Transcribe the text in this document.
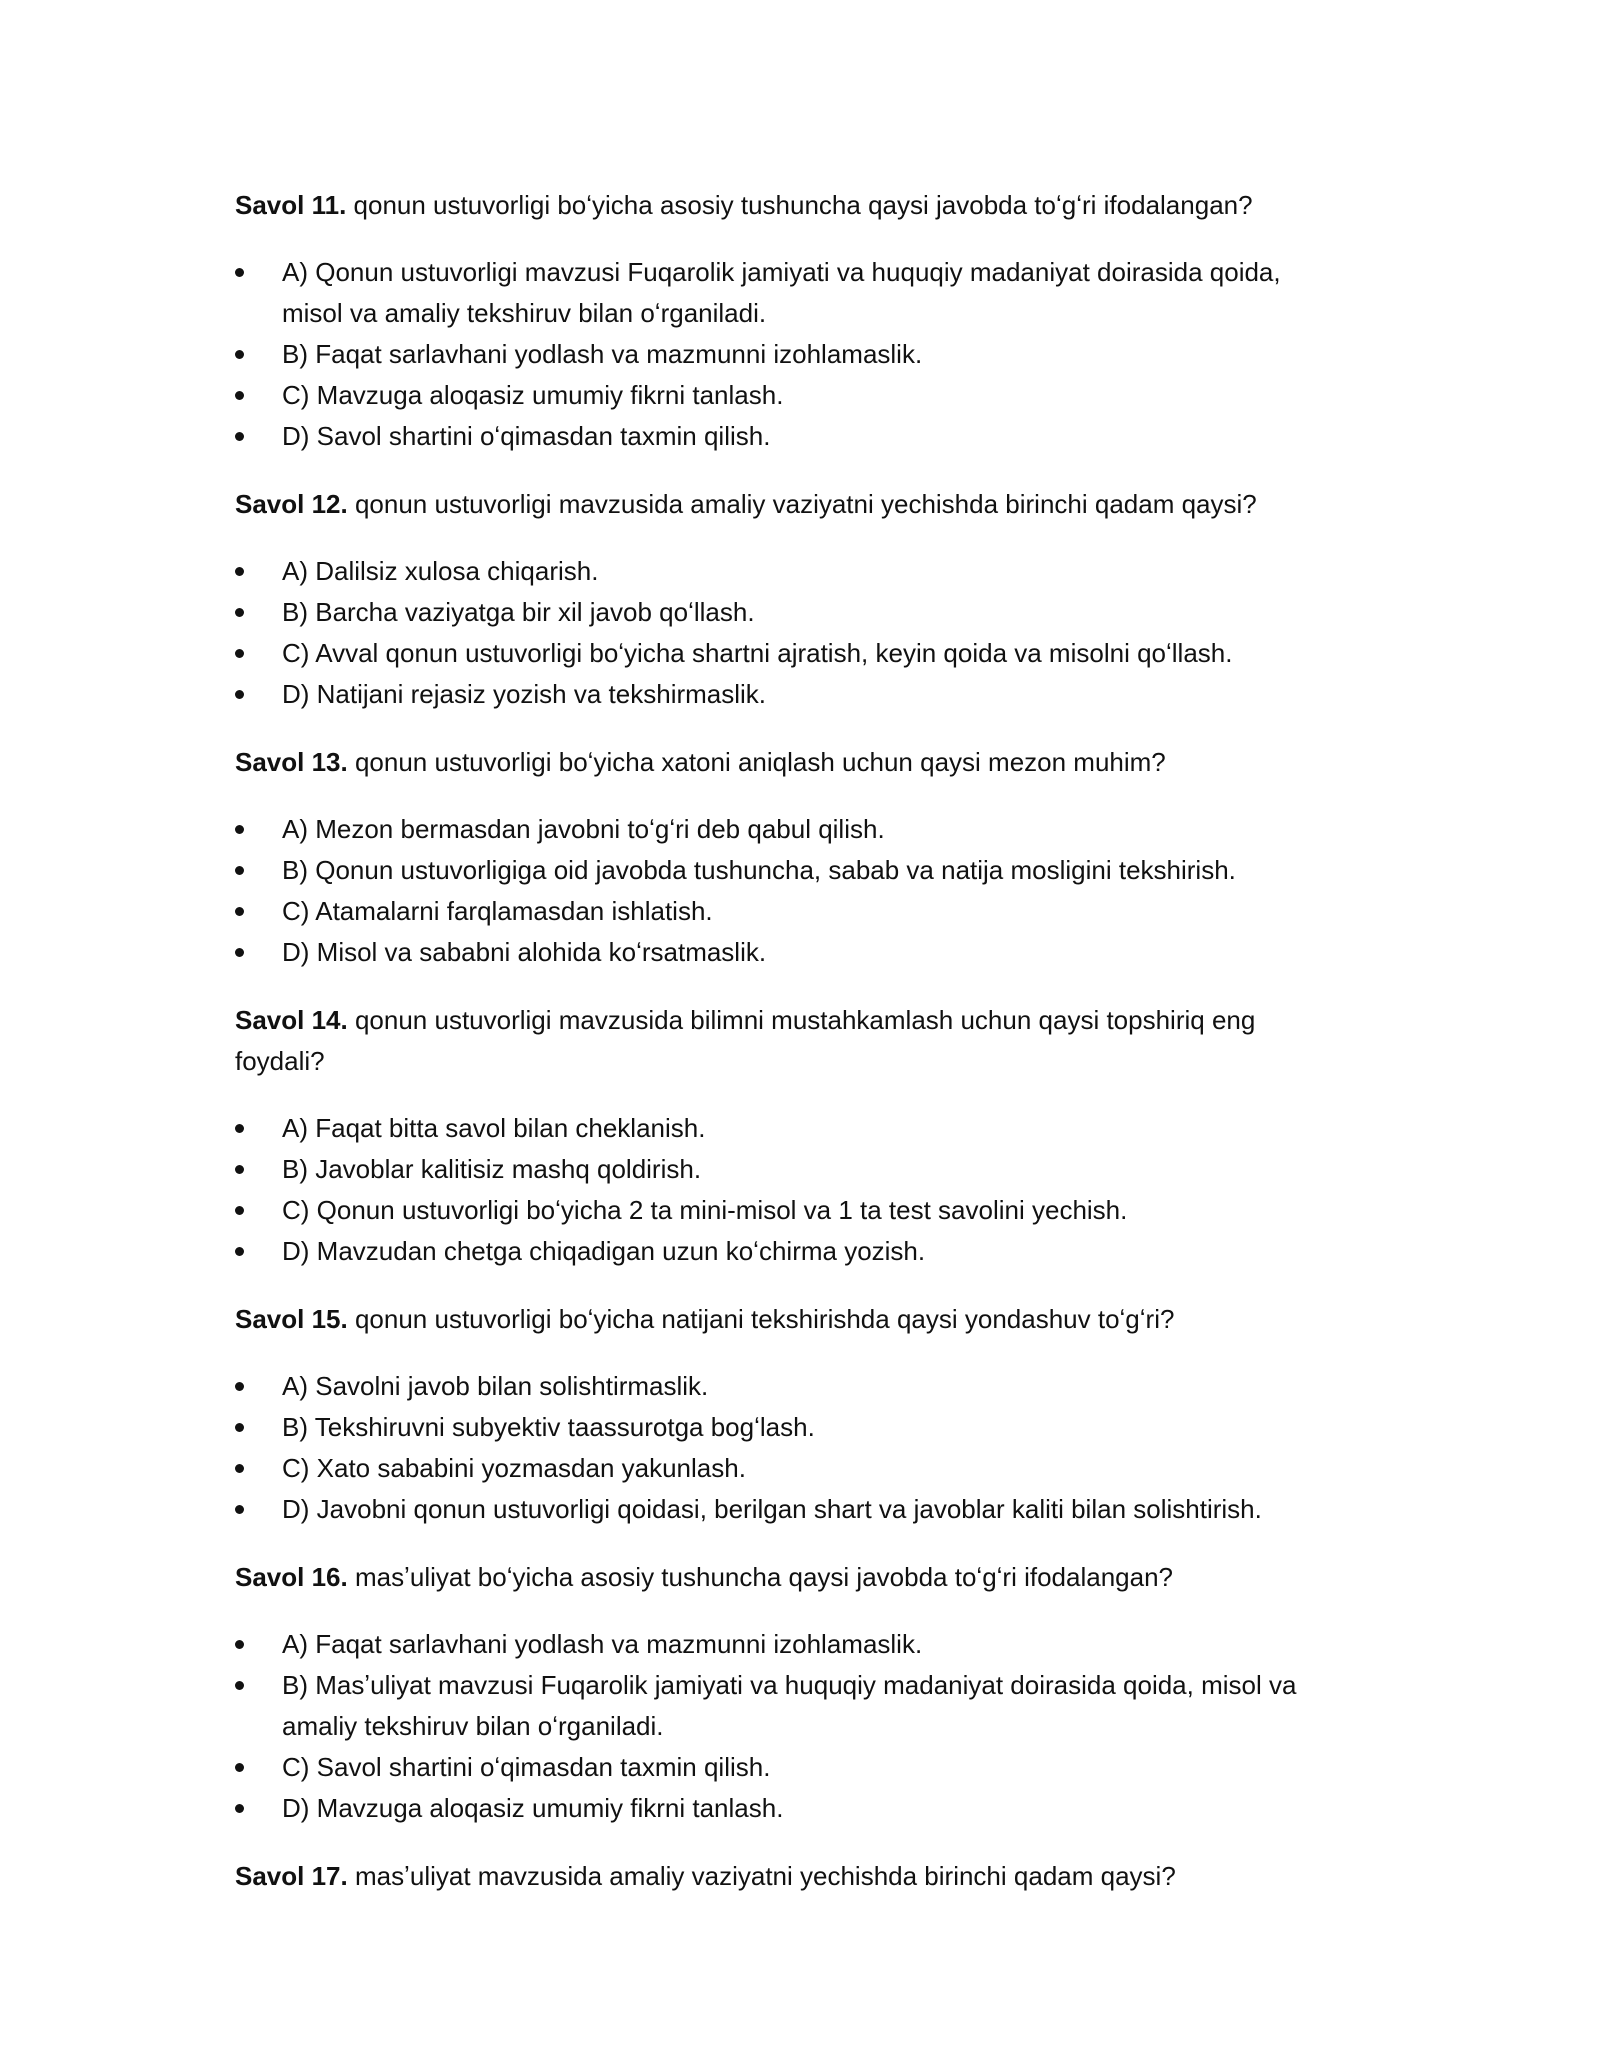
Savol 11. qonun ustuvorligi boʻyicha asosiy tushuncha qaysi javobda toʻgʻri ifodalangan?

A) Qonun ustuvorligi mavzusi Fuqarolik jamiyati va huquqiy madaniyat doirasida qoida, misol va amaliy tekshiruv bilan oʻrganiladi.
B) Faqat sarlavhani yodlash va mazmunni izohlamaslik.
C) Mavzuga aloqasiz umumiy fikrni tanlash.
D) Savol shartini oʻqimasdan taxmin qilish.

Savol 12. qonun ustuvorligi mavzusida amaliy vaziyatni yechishda birinchi qadam qaysi?

A) Dalilsiz xulosa chiqarish.
B) Barcha vaziyatga bir xil javob qoʻllash.
C) Avval qonun ustuvorligi boʻyicha shartni ajratish, keyin qoida va misolni qoʻllash.
D) Natijani rejasiz yozish va tekshirmaslik.

Savol 13. qonun ustuvorligi boʻyicha xatoni aniqlash uchun qaysi mezon muhim?

A) Mezon bermasdan javobni toʻgʻri deb qabul qilish.
B) Qonun ustuvorligiga oid javobda tushuncha, sabab va natija mosligini tekshirish.
C) Atamalarni farqlamasdan ishlatish.
D) Misol va sababni alohida koʻrsatmaslik.

Savol 14. qonun ustuvorligi mavzusida bilimni mustahkamlash uchun qaysi topshiriq eng foydali?

A) Faqat bitta savol bilan cheklanish.
B) Javoblar kalitisiz mashq qoldirish.
C) Qonun ustuvorligi boʻyicha 2 ta mini-misol va 1 ta test savolini yechish.
D) Mavzudan chetga chiqadigan uzun koʻchirma yozish.

Savol 15. qonun ustuvorligi boʻyicha natijani tekshirishda qaysi yondashuv toʻgʻri?

A) Savolni javob bilan solishtirmaslik.
B) Tekshiruvni subyektiv taassurotga bogʻlash.
C) Xato sababini yozmasdan yakunlash.
D) Javobni qonun ustuvorligi qoidasi, berilgan shart va javoblar kaliti bilan solishtirish.

Savol 16. masʼuliyat boʻyicha asosiy tushuncha qaysi javobda toʻgʻri ifodalangan?

A) Faqat sarlavhani yodlash va mazmunni izohlamaslik.
B) Masʼuliyat mavzusi Fuqarolik jamiyati va huquqiy madaniyat doirasida qoida, misol va amaliy tekshiruv bilan oʻrganiladi.
C) Savol shartini oʻqimasdan taxmin qilish.
D) Mavzuga aloqasiz umumiy fikrni tanlash.

Savol 17. masʼuliyat mavzusida amaliy vaziyatni yechishda birinchi qadam qaysi?
